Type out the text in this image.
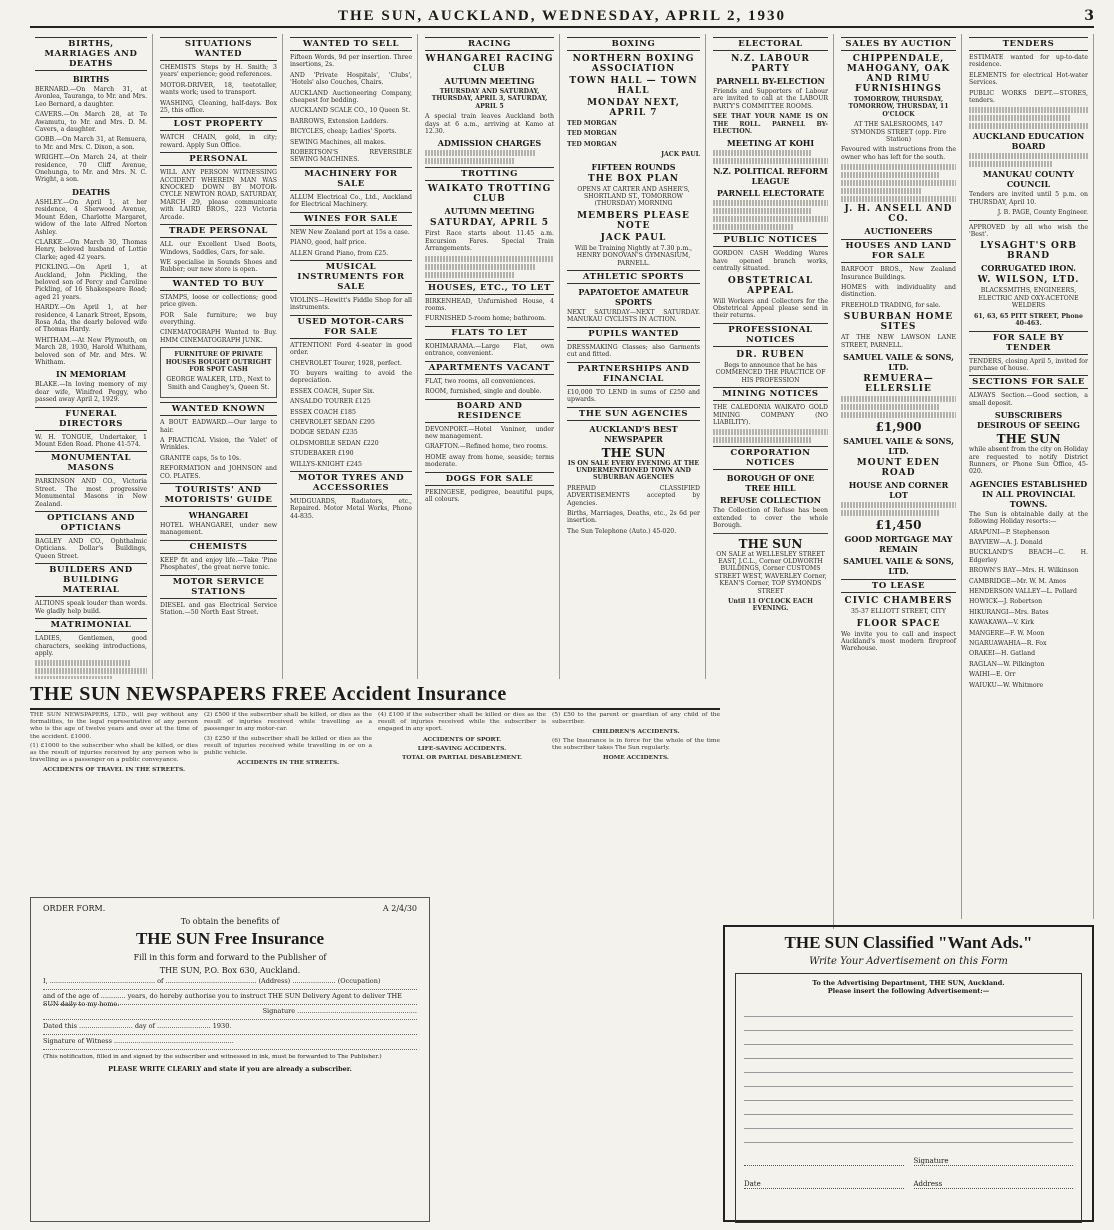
THE SUN, AUCKLAND, WEDNESDAY, APRIL 2, 1930	3
BIRTHS, MARRIAGES AND DEATHS
BIRTHS
BERNARD.—On March 31, at Avonlea, Tauranga, to Mr. and Mrs. Leo Bernard, a daughter.
CAVERS.—On March 28, at Te Awamutu, to Mr. and Mrs. D. M. Cavers, a daughter.
GOBB.—On March 31, at Remuera, to Mr. and Mrs. C. Dixon, a son.
WRIGHT.—On March 24, at their residence, 70 Cliff Avenue, Onehunga, to Mr. and Mrs. N. C. Wright, a son.
DEATHS
ASHLEY.—On April 1, at her residence, 4 Sherwood Avenue, Mount Eden, Charlotte Margaret, widow of the late Alfred Norton Ashley.
CLARKE.—On March 30, Thomas Henry, beloved husband of Lottie Clarke; aged 42 years.
PICKLING.—On April 1, at Auckland, John Pickling, the beloved son of Percy and Caroline Pickling, of 16 Shakespeare Road; aged 21 years.
HARDY.—On April 1, at her residence, 4 Lanark Street, Epsom, Rosa Ada, the dearly beloved wife of Thomas Hardy.
WHITHAM.—At New Plymouth, on March 28, 1930, Harold Whitham, beloved son of Mr. and Mrs. W. Whitham.
IN MEMORIAM
BLAKE.—In loving memory of my dear wife, Winifred Peggy, who passed away April 2, 1929.
FUNERAL DIRECTORS
W. H. TONGUE, Undertaker, 1 Mount Eden Road. Phone 41-574.
MONUMENTAL MASONS
PARKINSON AND CO., Victoria Street. The most progressive Monumental Masons in New Zealand.
OPTICIANS AND OPTICIANS
BAGLEY AND CO., Ophthalmic Opticians. Dollar's Buildings, Queen Street.
BUILDERS AND BUILDING MATERIAL
ALTIONS speak louder than words. We gladly help build.
MATRIMONIAL
LADIES, Gentlemen, good characters, seeking introductions, apply.
SITUATIONS WANTED
CHEMISTS Steps by H. Smith; 3 years' experience; good references.
MOTOR-DRIVER, 18, teetotaller, wants work; used to transport.
WASHING, Cleaning, half-days. Box 25, this office.
LOST PROPERTY
WATCH CHAIN, gold, in city; reward. Apply Sun Office.
PERSONAL
WILL ANY PERSON WITNESSING ACCIDENT WHEREIN MAN WAS KNOCKED DOWN BY MOTOR-CYCLE NEWTON ROAD, SATURDAY, MARCH 29, please communicate with LAIRD BROS., 223 Victoria Arcade.
TRADE PERSONAL
ALL our Excellent Used Boots, Windows, Saddles, Cars, for sale.
WE specialise in Sounds Shoes and Rubber; our new store is open.
WANTED TO BUY
STAMPS, loose or collections; good price given.
FOR Sale furniture; we buy everything.
CINEMATOGRAPH Wanted to Buy. HMM CINEMATOGRAPH JUNK.
FURNITURE OF PRIVATE HOUSES BOUGHT OUTRIGHT FOR SPOT CASH
GEORGE WALKER, LTD., Next to Smith and Caughey's, Queen St.
WANTED KNOWN
A BOUT EADWARD.—Our large to hair.
A PRACTICAL Vision, the 'Valet' of Wrinkles.
GRANITE caps, 5s to 10s.
REFORMATION and JOHNSON and CO. PLATES.
TOURISTS' AND MOTORISTS' GUIDE
WHANGAREI
HOTEL WHANGAREI, under new management.
CHEMISTS
KEEP fit and enjoy life.—Take 'Pine Phosphates', the great nerve tonic.
MOTOR SERVICE STATIONS
DIESEL and gas Electrical Service Station.—50 North East Street.
WANTED TO SELL
Fifteen Words, 9d per insertion. Three insertions, 2s.
AND 'Private Hospitals', 'Clubs', 'Hotels' also Couches, Chairs.
AUCKLAND Auctioneering Company, cheapest for bedding.
AUCKLAND SCALE CO., 10 Queen St.
BARROWS, Extension Ladders.
BICYCLES, cheap; Ladies' Sports.
SEWING Machines, all makes.
ROBERTSON'S REVERSIBLE SEWING MACHINES.
MACHINERY FOR SALE
ALLUM Electrical Co., Ltd., Auckland for Electrical Machinery.
WINES FOR SALE
NEW New Zealand port at 15s a case.
PIANO, good, half price.
ALLEN Grand Piano, from £25.
MUSICAL INSTRUMENTS FOR SALE
VIOLINS—Hewitt's Fiddle Shop for all instruments.
USED MOTOR-CARS FOR SALE
ATTENTION! Ford 4-seater in good order.
CHEVROLET Tourer, 1928, perfect.
TO buyers waiting to avoid the depreciation.
ESSEX COACH, Super Six.
ANSALDO TOURER £125
ESSEX COACH £185
CHEVROLET SEDAN £295
DODGE SEDAN £235
OLDSMOBILE SEDAN £220
STUDEBAKER £190
WILLYS-KNIGHT £245
MOTOR TYRES AND ACCESSORIES
MUDGUARDS, Radiators, etc., Repaired. Motor Metal Works, Phone 44-835.
RACING
WHANGAREI RACING CLUB
AUTUMN MEETING
THURSDAY AND SATURDAY, THURSDAY, APRIL 3, SATURDAY, APRIL 5
A special train leaves Auckland both days at 6 a.m., arriving at Kamo at 12.30.
ADMISSION CHARGES
TROTTING
WAIKATO TROTTING CLUB
AUTUMN MEETING
SATURDAY, APRIL 5
First Race starts about 11.45 a.m. Excursion Fares. Special Train Arrangements.
HOUSES, ETC., TO LET
BIRKENHEAD, Unfurnished House, 4 rooms.
FURNISHED 5-room home; bathroom.
FLATS TO LET
KOHIMARAMA.—Large Flat, own entrance, convenient.
APARTMENTS VACANT
FLAT, two rooms, all conveniences.
ROOM, furnished, single and double.
BOARD AND RESIDENCE
DEVONPORT.—Hotel Vaniner, under new management.
GRAFTON.—Refined home, two rooms.
HOME away from home, seaside; terms moderate.
DOGS FOR SALE
PEKINGESE, pedigree, beautiful pups, all colours.
BOXING
NORTHERN BOXING ASSOCIATION
TOWN HALL — TOWN HALL
MONDAY NEXT, APRIL 7
TED MORGAN
TED MORGAN
TED MORGAN
JACK PAUL
FIFTEEN ROUNDS
THE BOX PLAN
OPENS AT CARTER AND ASHER'S, SHORTLAND ST., TOMORROW (THURSDAY) MORNING
MEMBERS PLEASE NOTE
JACK PAUL
Will be Training Nightly at 7.30 p.m., HENRY DONOVAN'S GYMNASIUM, PARNELL.
ATHLETIC SPORTS
PAPATOETOE AMATEUR SPORTS
NEXT SATURDAY—NEXT SATURDAY. MANUKAU CYCLISTS IN ACTION.
PUPILS WANTED
DRESSMAKING Classes; also Garments cut and fitted.
PARTNERSHIPS AND FINANCIAL
£10,000 TO LEND in sums of £250 and upwards.
THE SUN AGENCIES
AUCKLAND'S BEST NEWSPAPER
THE SUN
IS ON SALE EVERY EVENING AT THE UNDERMENTIONED TOWN AND SUBURBAN AGENCIES
PREPAID CLASSIFIED ADVERTISEMENTS accepted by Agencies.
Births, Marriages, Deaths, etc., 2s 6d per insertion.
The Sun Telephone (Auto.) 45-020.
ELECTORAL
N.Z. LABOUR PARTY
PARNELL BY-ELECTION
Friends and Supporters of Labour are invited to call at the LABOUR PARTY'S COMMITTEE ROOMS.
SEE THAT YOUR NAME IS ON THE ROLL. PARNELL BY-ELECTION.
MEETING AT KOHI
N.Z. POLITICAL REFORM LEAGUE
PARNELL ELECTORATE
PUBLIC NOTICES
GORDON CASH Wedding Wares have opened branch works, centrally situated.
OBSTETRICAL APPEAL
Will Workers and Collectors for the Obstetrical Appeal please send in their returns.
PROFESSIONAL NOTICES
DR. RUBEN
Begs to announce that he has COMMENCED THE PRACTICE OF HIS PROFESSION
MINING NOTICES
THE CALEDONIA WAIKATO GOLD MINING COMPANY (NO LIABILITY).
CORPORATION NOTICES
BOROUGH OF ONE TREE HILL
REFUSE COLLECTION
The Collection of Refuse has been extended to cover the whole Borough.
THE SUN
ON SALE at WELLESLEY STREET EAST, J.C.L., Corner OLDWORTH BUILDINGS, Corner CUSTOMS STREET WEST, WAVERLEY Corner, KEAN'S Corner, TOP SYMONDS STREET
Until 11 O'CLOCK EACH EVENING.
SALES BY AUCTION
CHIPPENDALE, MAHOGANY, OAK AND RIMU FURNISHINGS
TOMORROW, THURSDAY, TOMORROW, THURSDAY, 11 O'CLOCK
AT THE SALESROOMS, 147 SYMONDS STREET (opp. Fire Station)
Favoured with instructions from the owner who has left for the south.
J. H. ANSELL AND CO.
AUCTIONEERS
HOUSES AND LAND FOR SALE
BARFOOT BROS., New Zealand Insurance Buildings.
HOMES with individuality and distinction.
FREEHOLD TRADING, for sale.
SUBURBAN HOME SITES
AT THE NEW LAWSON LANE STREET, PARNELL.
SAMUEL VAILE & SONS, LTD.
REMUERA—ELLERSLIE
£1,900
SAMUEL VAILE & SONS, LTD.
MOUNT EDEN ROAD
HOUSE AND CORNER LOT
£1,450
GOOD MORTGAGE MAY REMAIN
SAMUEL VAILE & SONS, LTD.
TO LEASE
CIVIC CHAMBERS
35-37 ELLIOTT STREET, CITY
FLOOR SPACE
We invite you to call and inspect Auckland's most modern fireproof Warehouse.
TENDERS
ESTIMATE wanted for up-to-date residence.
ELEMENTS for electrical Hot-water Services.
PUBLIC WORKS DEPT.—STORES, tenders.
AUCKLAND EDUCATION BOARD
MANUKAU COUNTY COUNCIL
Tenders are invited until 5 p.m. on THURSDAY, April 10.
J. B. PAGE, County Engineer.
APPROVED by all who wish the 'Best'.
LYSAGHT'S ORB BRAND
CORRUGATED IRON.
W. WILSON, LTD.
BLACKSMITHS, ENGINEERS, ELECTRIC AND OXY-ACETONE WELDERS
61, 63, 65 PITT STREET, Phone 40-463.
FOR SALE BY TENDER
TENDERS, closing April 5, invited for purchase of house.
SECTIONS FOR SALE
ALWAYS Section.—Good section, a small deposit.
SUBSCRIBERS DESIROUS OF SEEING
THE SUN
while absent from the city on Holiday are requested to notify District Runners, or Phone Sun Office, 45-020.
AGENCIES ESTABLISHED IN ALL PROVINCIAL TOWNS.
The Sun is obtainable daily at the following Holiday resorts:—
ARAPUNI—P. Stephenson
BAYVIEW—A. J. Donald
BUCKLAND'S BEACH—C. H. Edgerley
BROWN'S BAY—Mrs. H. Wilkinson
CAMBRIDGE—Mr. W. M. Amos
HENDERSON VALLEY—L. Pollard
HOWICK—J. Robertson
HIKURANGI—Mrs. Bates
KAWAKAWA—V. Kirk
MANGERE—F. W. Moon
NGARUAWAHIA—R. Fox
ORAKEI—H. Gatland
RAGLAN—W. Pilkington
WAIHI—E. Orr
WAIUKU—W. Whitmore
THE SUN NEWSPAPERS FREE Accident Insurance

THE SUN NEWSPAPERS, LTD., will pay without any formalities, to the legal representative of any person who is the age of twelve years and over at the time of the accident. £1000.

(1) £1000 to the subscriber who shall be killed, or dies as the result of injuries received by any person who is travelling as a passenger on a public conveyance.

ACCIDENTS OF TRAVEL IN THE STREETS.

(2) £500 if the subscriber shall be killed, or dies as the result of injuries received while travelling as a passenger in any motor-car.

(3) £250 if the subscriber shall be killed or dies as the result of injuries received while travelling in or on a public vehicle.

ACCIDENTS IN THE STREETS.

(4) £100 if the subscriber shall be killed or dies as the result of injuries received while the subscriber is engaged in any sport.

ACCIDENTS OF SPORT.

LIFE-SAVING ACCIDENTS.

TOTAL OR PARTIAL DISABLEMENT.

(5) £50 to the parent or guardian of any child of the subscriber.

CHILDREN'S ACCIDENTS.

(6) The Insurance is in force for the whole of the time the subscriber takes The Sun regularly.

HOME ACCIDENTS.

ORDER FORM.	A 2/4/30
To obtain the benefits of
THE SUN Free Insurance
Fill in this form and forward to the Publisher of
THE SUN, P.O. Box 630, Auckland.
I, ................................................... of ............................................ (Address) ..................... (Occupation)
and of the age of ............ years, do hereby authorise you to instruct THE SUN Delivery Agent to deliver THE SUN daily to my home.
Signature ..........................................................
Dated this .......................... day of .......................... 1930.
Signature of Witness ..........................................................
(This notification, filled in and signed by the subscriber and witnessed in ink, must be forwarded to The Publisher.)
PLEASE WRITE CLEARLY and state if you are already a subscriber.
THE SUN Classified "Want Ads."
Write Your Advertisement on this Form

To the Advertising Department, THE SUN, Auckland.

Please insert the following Advertisement:—

Signature
Date	Address
